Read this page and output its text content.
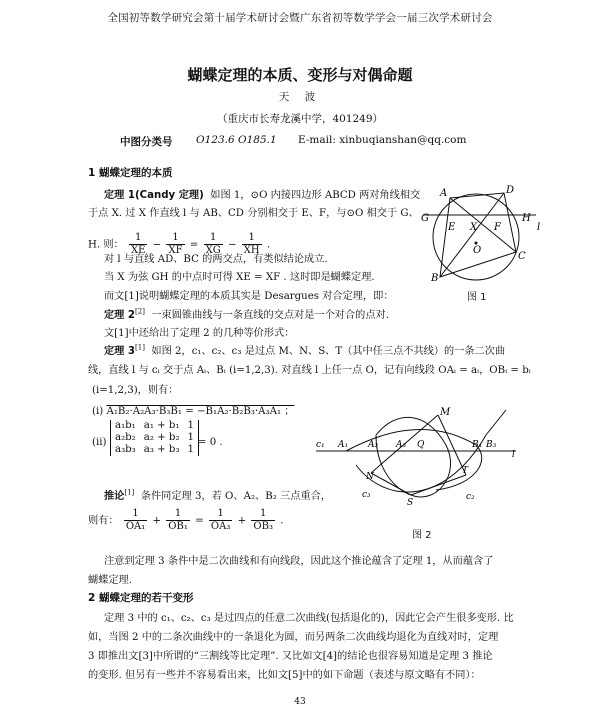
全国初等数学研究会第十届学术研讨会暨广东省初等数学学会一届三次学术研讨会
蝴蝶定理的本质、变形与对偶命题
天 波
（重庆市长寿龙溪中学，401249）
中图分类号 O123.6 O185.1 E-mail: xinbuqianshan@qq.com
1 蝴蝶定理的本质
定理 1(Candy 定理) 如图 1，⊙O 内接四边形 ABCD 两对角线相交
于点 X. 过 X 作直线 l 与 AB、CD 分别相交于 E、F，与⊙O 相交于 G、
H. 则： $\frac{1}{XE} - \frac{1}{XF} = \frac{1}{XG} - \frac{1}{XH}$ .
对 l 与直线 AD、BC 的两交点，有类似结论成立.
当 X 为弦 GH 的中点时可得 XE = XF . 这时即是蝴蝶定理.
而文[1]说明蝴蝶定理的本质其实是 Desargues 对合定理，即：
定理 2[2] 一束圆锥曲线与一条直线的交点对是一个对合的点对.
文[1]中还给出了定理 2 的几种等价形式：
定理 3[1] 如图 2，c₁、c₂、c₃ 是过点 M、N、S、T（其中任三点不共线）的一条二次曲
线，直线 l 与 cᵢ 交于点 Aᵢ、Bᵢ (i=1,2,3). 对直线 l 上任一点 O，记有向线段 OAᵢ = aᵢ，OBᵢ = bᵢ
(i=1,2,3)，则有：
(i) A₁B₂·A₂A₃·B₃B₁ = −B₁A₂·B₂B₃·A₃A₁ ；
(ii)
a₁b₁	a₁ + b₁	1
a₂b₂	a₂ + b₂	1
a₃b₃	a₃ + b₃	1
= 0 .
推论[1] 条件同定理 3，若 O、A₂、B₂ 三点重合，
则有： $\frac{1}{\text{OA₁}} + \frac{1}{\text{OB₁}} = \frac{1}{\text{OA₃}} + \frac{1}{\text{OB₃}}$ .
注意到定理 3 条件中是二次曲线和有向线段，因此这个推论蕴含了定理 1，从而蕴含了
蝴蝶定理.
2 蝴蝶定理的若干变形
定理 3 中的 c₁、c₂、c₃ 是过四点的任意二次曲线(包括退化的)，因此它会产生很多变形. 比
如，当图 2 中的二条次曲线中的一条退化为圆，而另两条二次曲线均退化为直线对时，定理
3 即推出文[3]中所谓的“三割线等比定理”. 又比如文[4]的结论也很容易知道是定理 3 推论
的变形. 但另有一些并不容易看出来，比如文[5]中的如下命题（表述与原文略有不同）：
43
A	D
G	H
l
E X F
O
C
B
图 1
M
c₁ A₁ A₂ A₃ Q	B₁ B₃
l
N
T
c₃
S
c₂
图 2
